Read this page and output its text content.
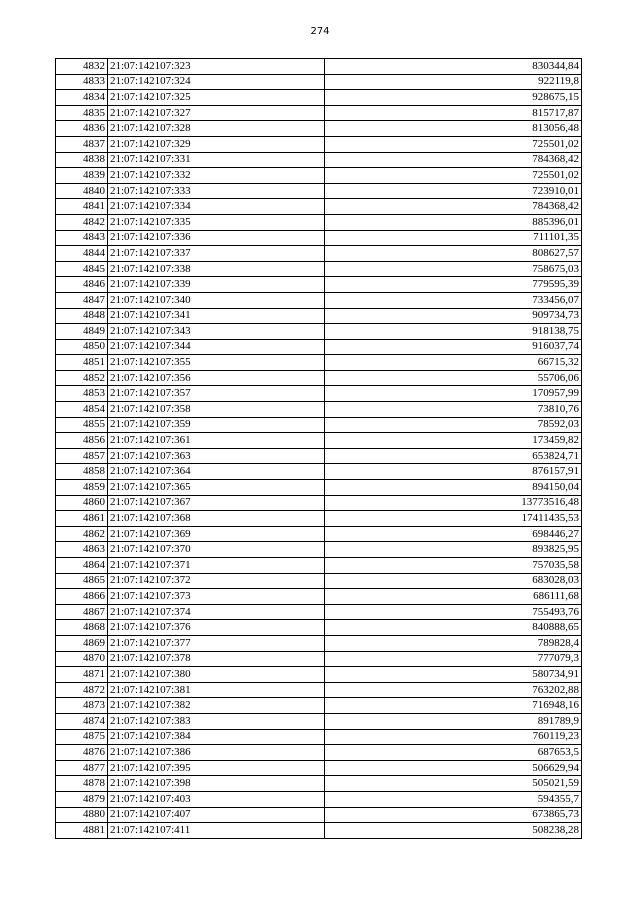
274
4832	21:07:142107:323	830344,84
4833	21:07:142107:324	922119,8
4834	21:07:142107:325	928675,15
4835	21:07:142107:327	815717,87
4836	21:07:142107:328	813056,48
4837	21:07:142107:329	725501,02
4838	21:07:142107:331	784368,42
4839	21:07:142107:332	725501,02
4840	21:07:142107:333	723910,01
4841	21:07:142107:334	784368,42
4842	21:07:142107:335	885396,01
4843	21:07:142107:336	711101,35
4844	21:07:142107:337	808627,57
4845	21:07:142107:338	758675,03
4846	21:07:142107:339	779595,39
4847	21:07:142107:340	733456,07
4848	21:07:142107:341	909734,73
4849	21:07:142107:343	918138,75
4850	21:07:142107:344	916037,74
4851	21:07:142107:355	66715,32
4852	21:07:142107:356	55706,06
4853	21:07:142107:357	170957,99
4854	21:07:142107:358	73810,76
4855	21:07:142107:359	78592,03
4856	21:07:142107:361	173459,82
4857	21:07:142107:363	653824,71
4858	21:07:142107:364	876157,91
4859	21:07:142107:365	894150,04
4860	21:07:142107:367	13773516,48
4861	21:07:142107:368	17411435,53
4862	21:07:142107:369	698446,27
4863	21:07:142107:370	893825,95
4864	21:07:142107:371	757035,58
4865	21:07:142107:372	683028,03
4866	21:07:142107:373	686111,68
4867	21:07:142107:374	755493,76
4868	21:07:142107:376	840888,65
4869	21:07:142107:377	789828,4
4870	21:07:142107:378	777079,3
4871	21:07:142107:380	580734,91
4872	21:07:142107:381	763202,88
4873	21:07:142107:382	716948,16
4874	21:07:142107:383	891789,9
4875	21:07:142107:384	760119,23
4876	21:07:142107:386	687653,5
4877	21:07:142107:395	506629,94
4878	21:07:142107:398	505021,59
4879	21:07:142107:403	594355,7
4880	21:07:142107:407	673865,73
4881	21:07:142107:411	508238,28
